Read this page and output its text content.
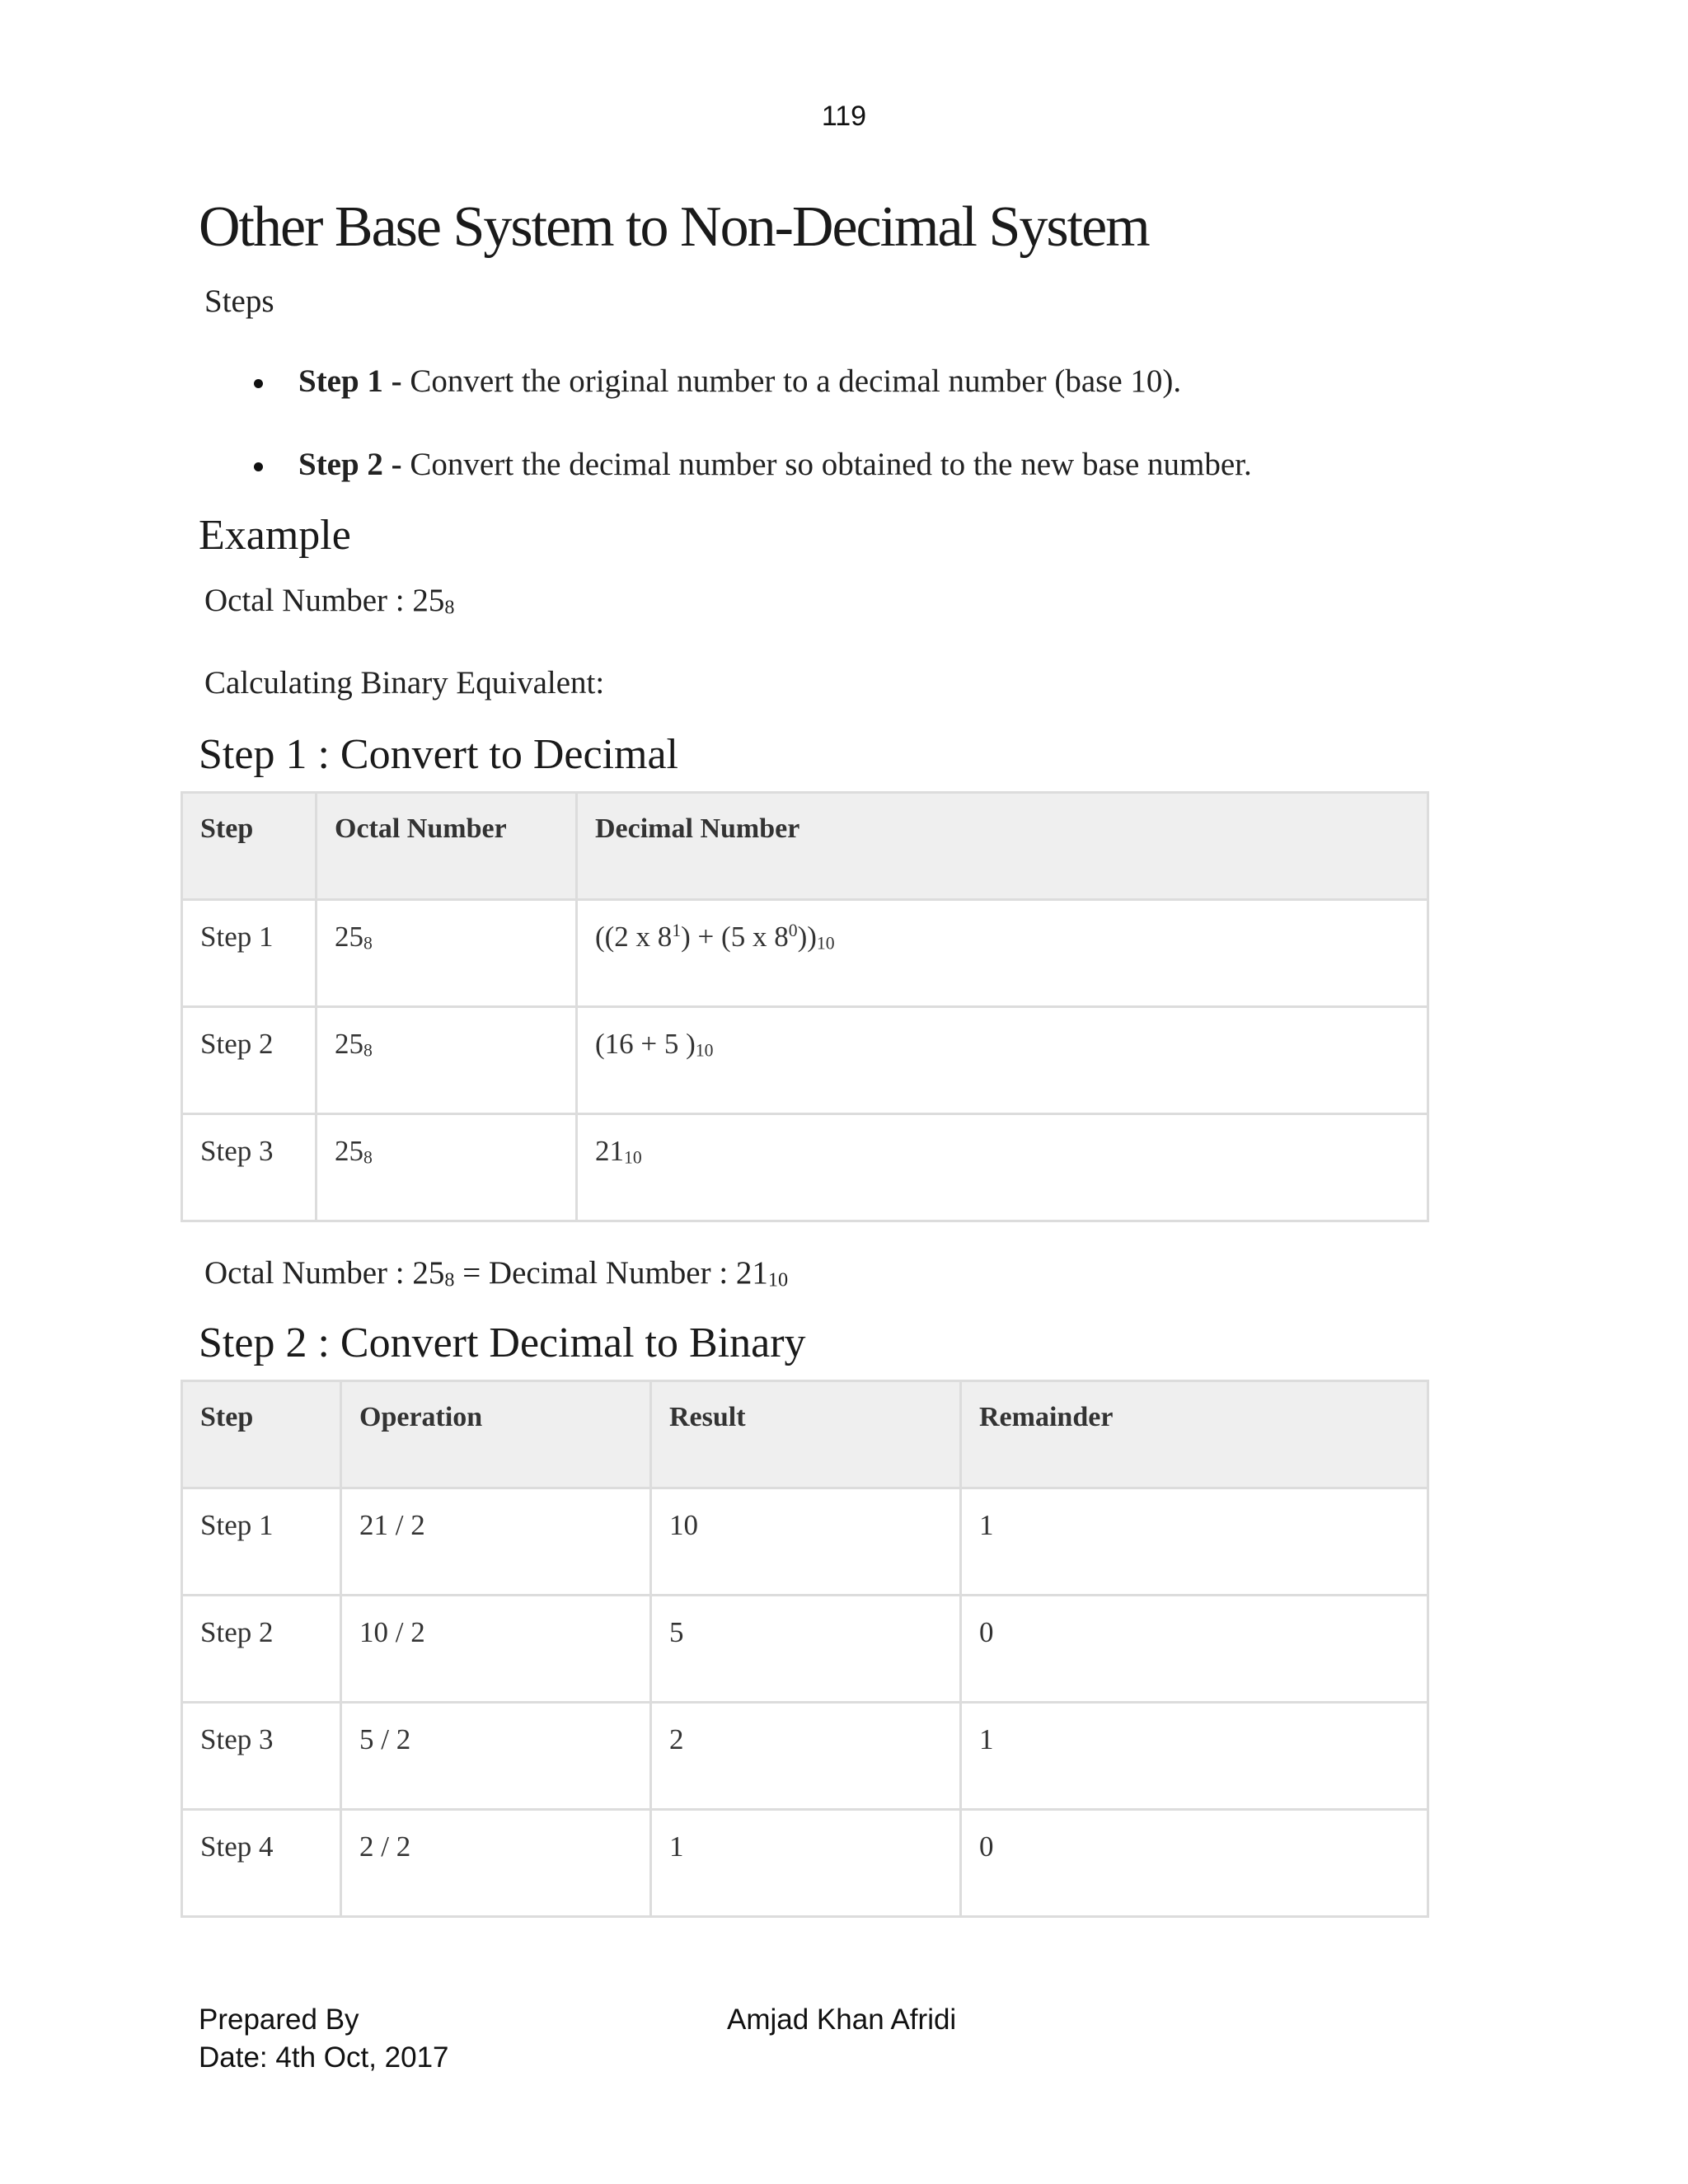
119
Other Base System to Non-Decimal System
Steps
Step 1 - Convert the original number to a decimal number (base 10).
Step 2 - Convert the decimal number so obtained to the new base number.
Example
Octal Number : $25_8$
Calculating Binary Equivalent:
Step 1 : Convert to Decimal
Step	Octal Number	Decimal Number
Step 1	$25_8$	((2 x $8^1) + (5$ x $8^0))_{10}$
Step 2	$25_8$	(16 + 5 )$_{10}$
Step 3	$25_8$	$21_{10}$
Octal Number : $25_8$ = Decimal Number : $21_{10}$
Step 2 : Convert Decimal to Binary
Step	Operation	Result	Remainder
Step 1	21 / 2	10	1
Step 2	10 / 2	5	0
Step 3	5 / 2	2	1
Step 4	2 / 2	1	0
Prepared By
Date: 4th Oct, 2017
Amjad Khan Afridi
